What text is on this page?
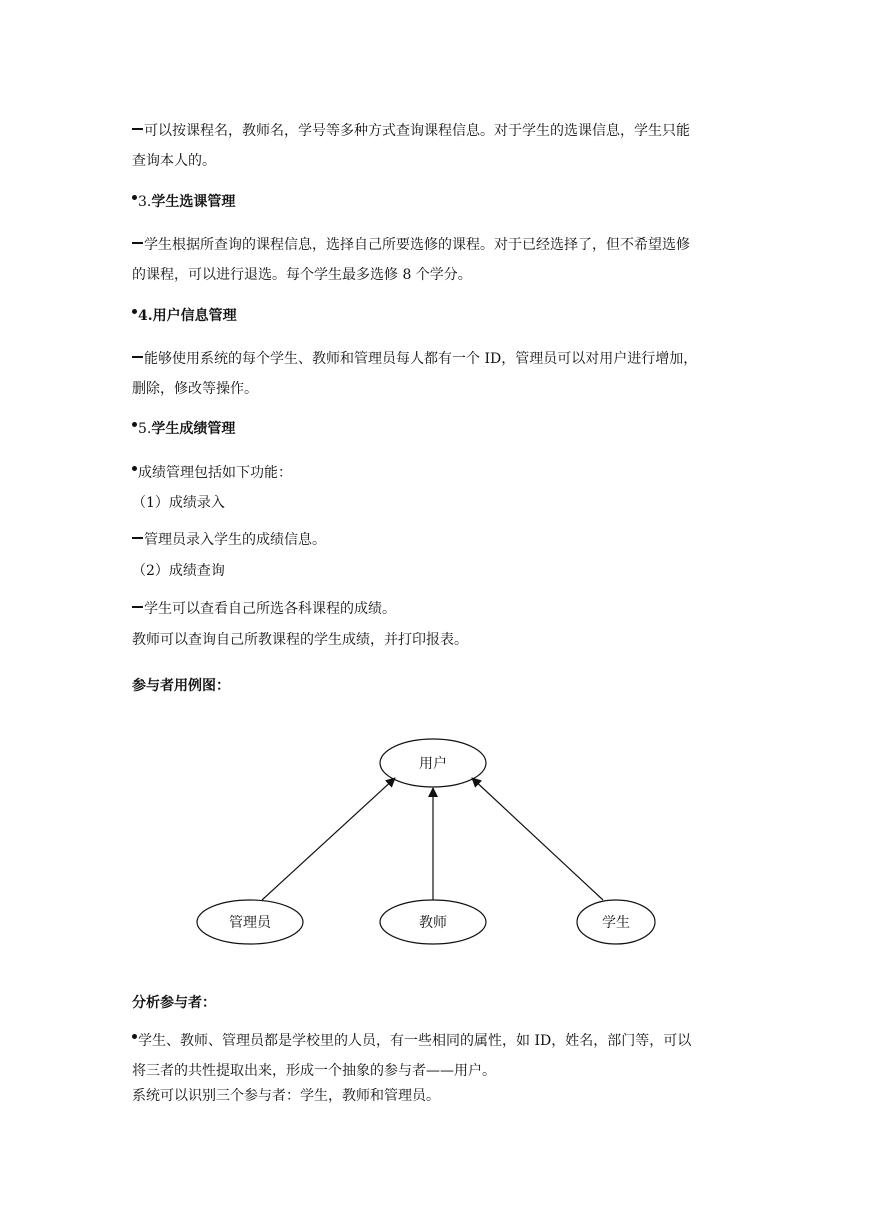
可以按课程名，教师名，学号等多种方式查询课程信息。对于学生的选课信息，学生只能
查询本人的。
3.学生选课管理
学生根据所查询的课程信息，选择自己所要选修的课程。对于已经选择了，但不希望选修
的课程，可以进行退选。每个学生最多选修 8 个学分。
4.用户信息管理
能够使用系统的每个学生、教师和管理员每人都有一个 ID，管理员可以对用户进行增加，
删除，修改等操作。
5.学生成绩管理
成绩管理包括如下功能：
（1）成绩录入
管理员录入学生的成绩信息。
（2）成绩查询
学生可以查看自己所选各科课程的成绩。
教师可以查询自己所教课程的学生成绩，并打印报表。
参与者用例图：
用户
管理员	教师	学生
分析参与者：
学生、教师、管理员都是学校里的人员，有一些相同的属性，如 ID，姓名，部门等，可以
将三者的共性提取出来，形成一个抽象的参与者——用户。
系统可以识别三个参与者：学生，教师和管理员。
